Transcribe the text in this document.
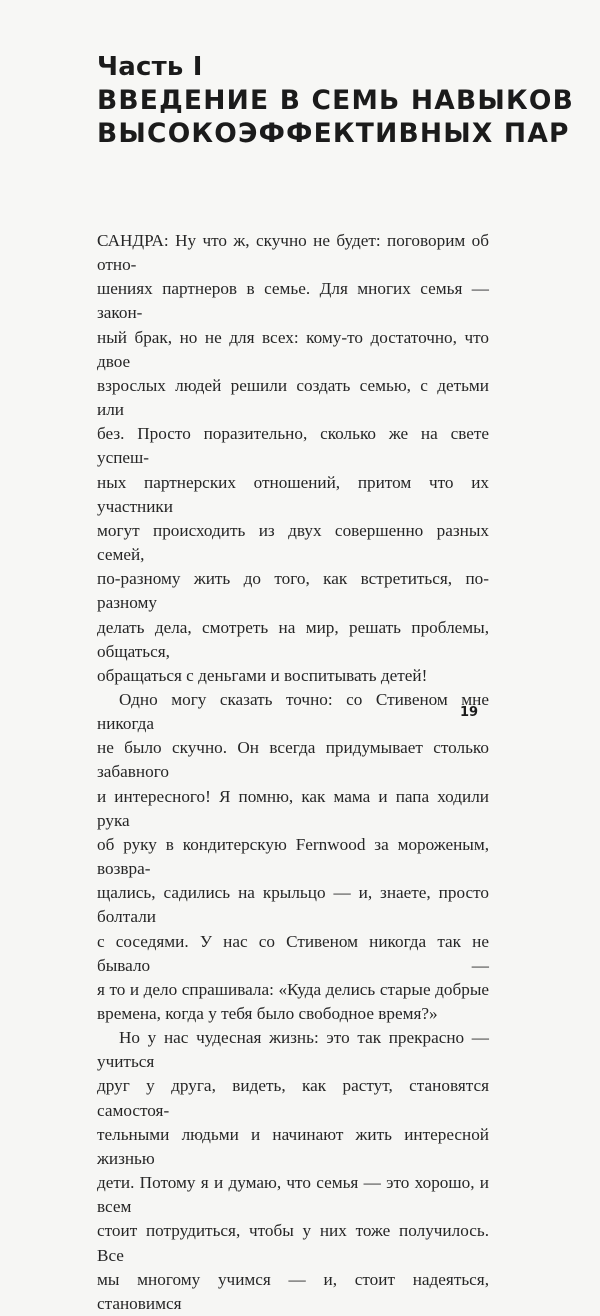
Часть I
ВВЕДЕНИЕ В СЕМЬ НАВЫКОВ
ВЫСОКОЭФФЕКТИВНЫХ ПАР

САНДРА: Ну что ж, скучно не будет: поговорим об отно-
шениях партнеров в семье. Для многих семья — закон-
ный брак, но не для всех: кому-то достаточно, что двое
взрослых людей решили создать семью, с детьми или
без. Просто поразительно, сколько же на свете успеш-
ных партнерских отношений, притом что их участники
могут происходить из двух совершенно разных семей,
по-разному жить до того, как встретиться, по-разному
делать дела, смотреть на мир, решать проблемы, общаться,
обращаться с деньгами и воспитывать детей!

Одно могу сказать точно: со Стивеном мне никогда
не было скучно. Он всегда придумывает столько забавного
и интересного! Я помню, как мама и папа ходили рука
об руку в кондитерскую Fernwood за мороженым, возвра-
щались, садились на крыльцо — и, знаете, просто болтали
с соседями. У нас со Стивеном никогда так не бывало —
я то и дело спрашивала: «Куда делись старые добрые
времена, когда у тебя было свободное время?»

Но у нас чудесная жизнь: это так прекрасно — учиться
друг у друга, видеть, как растут, становятся самостоя-
тельными людьми и начинают жить интересной жизнью
дети. Потому я и думаю, что семья — это хорошо, и всем
стоит потрудиться, чтобы у них тоже получилось. Все
мы многому учимся — и, стоит надеяться, становимся

19
